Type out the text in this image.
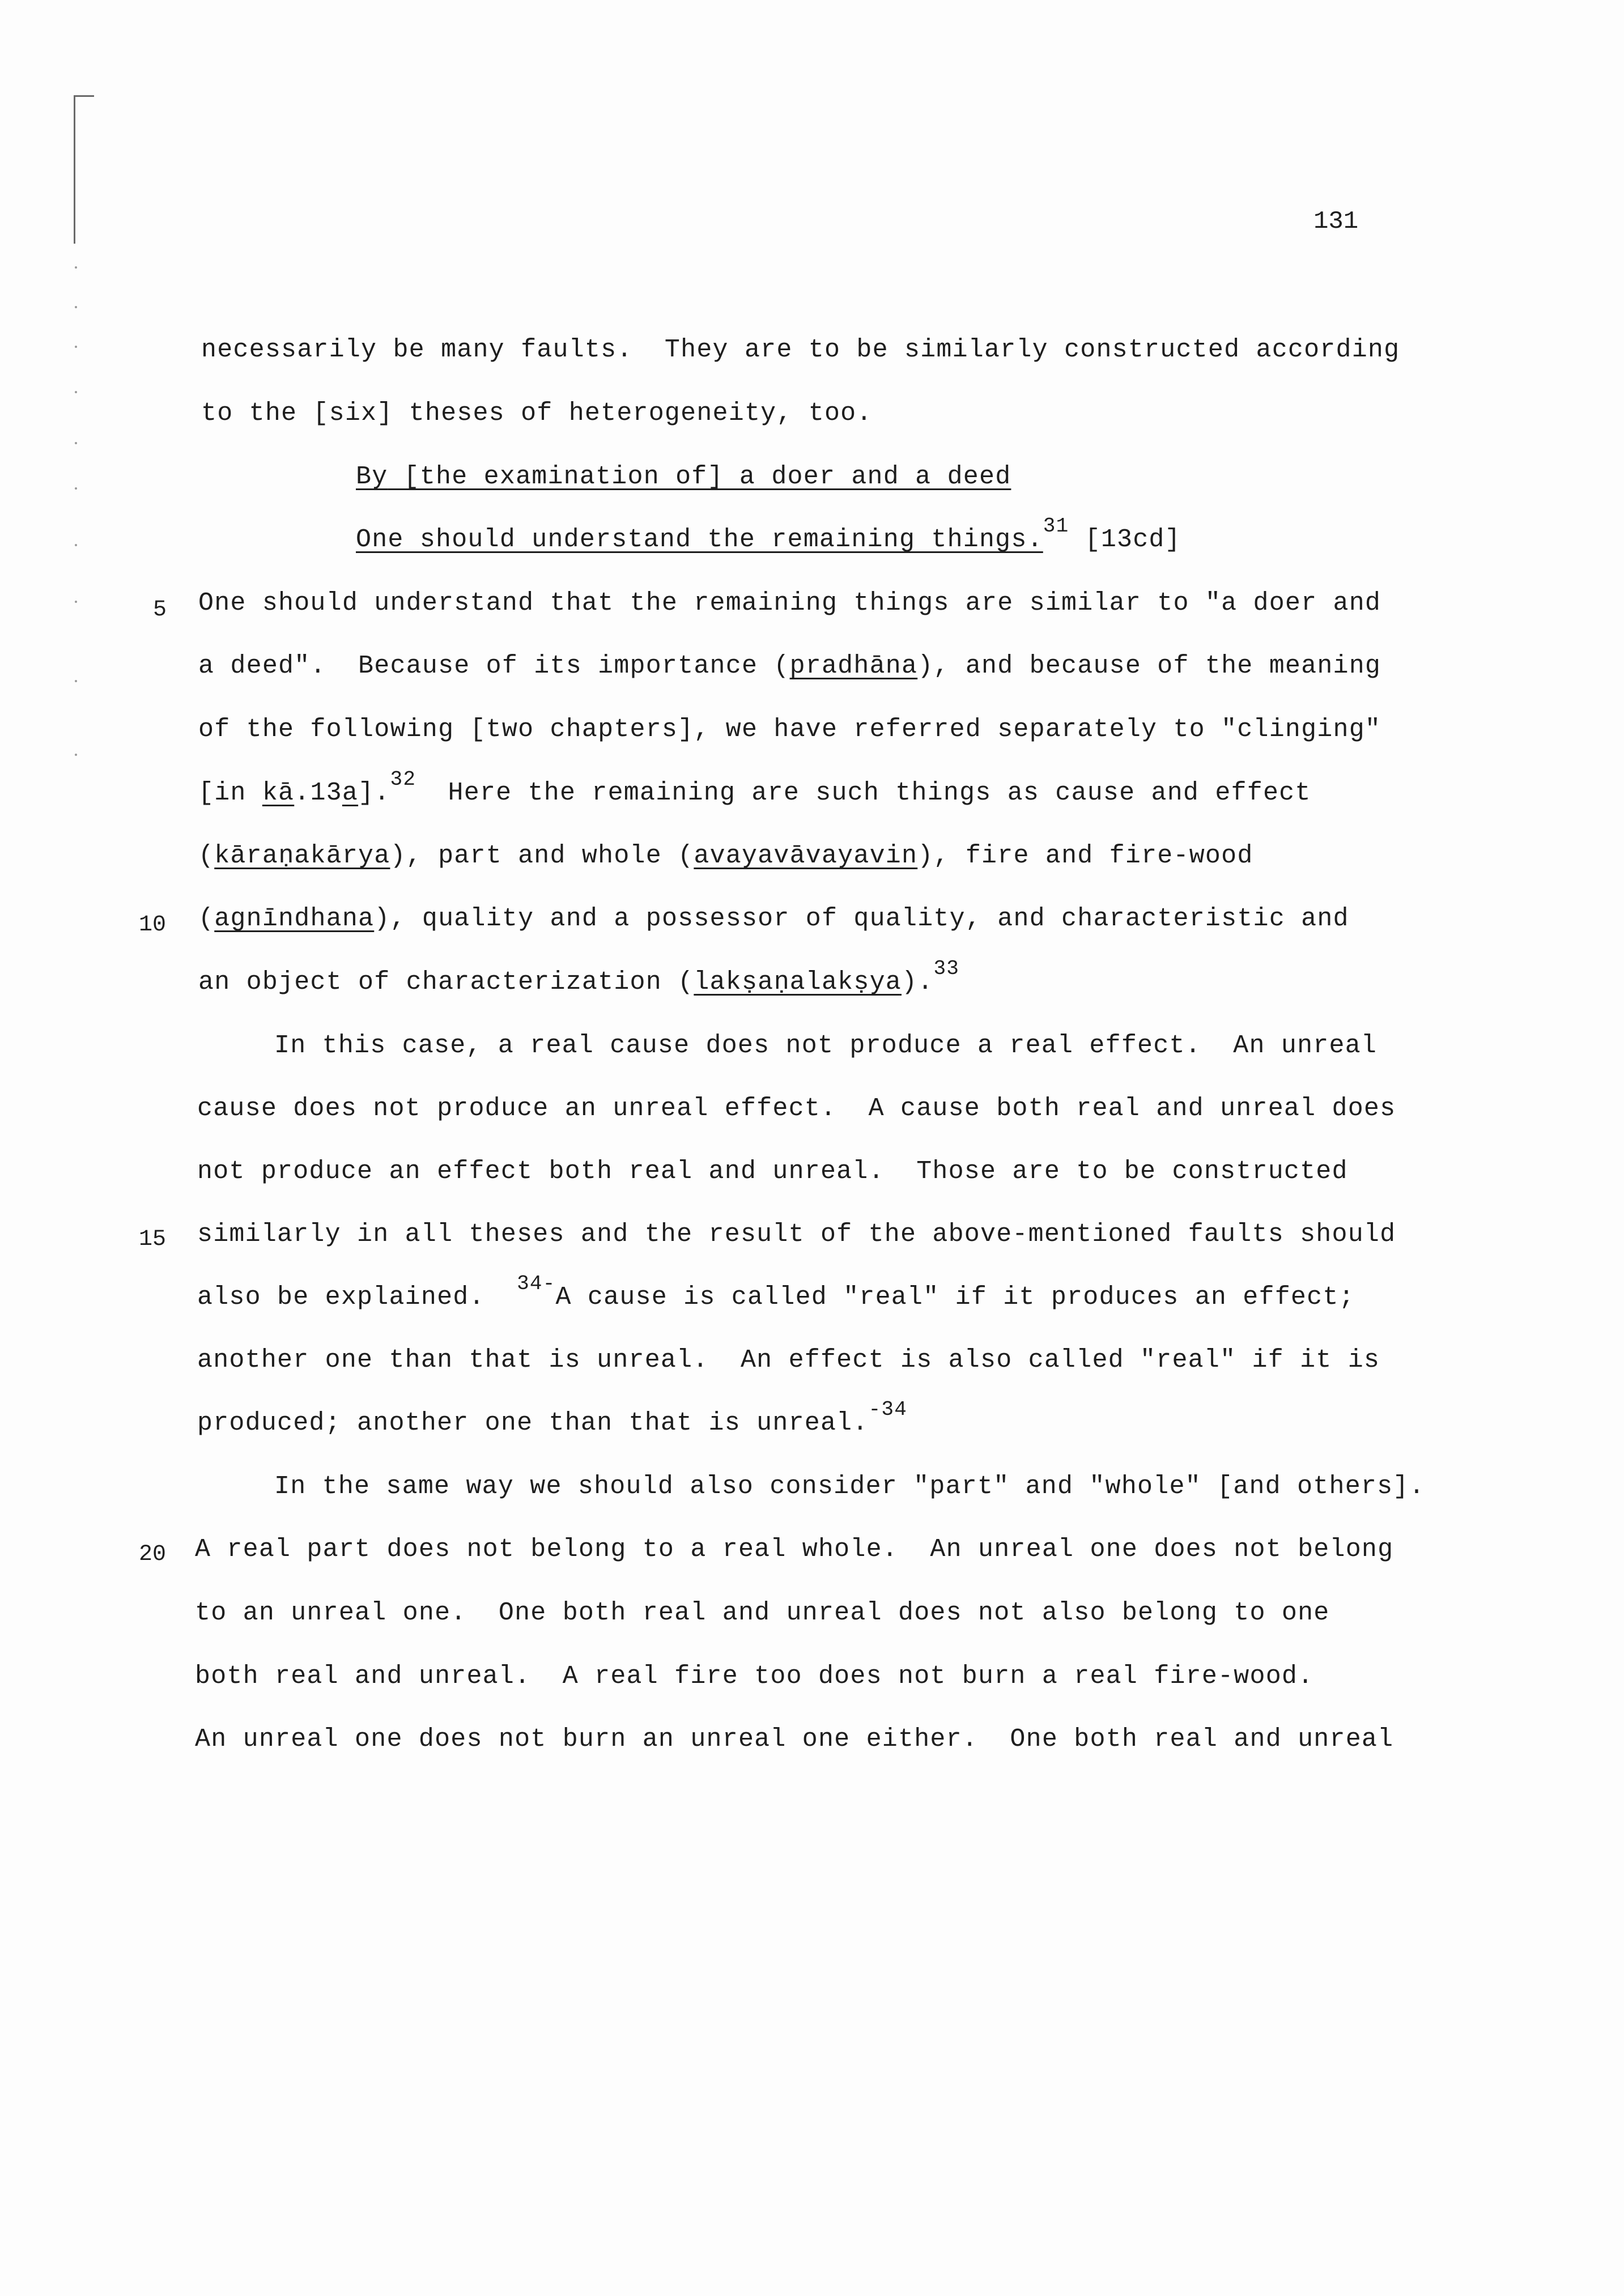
131
5
10
15
20
necessarily be many faults.  They are to be similarly constructed according
to the [six] theses of heterogeneity, too.
By [the examination of] a doer and a deed
One should understand the remaining things.$^{31}$ [13cd]
One should understand that the remaining things are similar to "a doer and
a deed".  Because of its importance (pradhāna), and because of the meaning
of the following [two chapters], we have referred separately to "clinging"
[in kā.13a].$^{32}$  Here the remaining are such things as cause and effect
(kāraṇakārya), part and whole (avayavāvayavin), fire and fire-wood
(agnīndhana), quality and a possessor of quality, and characteristic and
an object of characterization (lakṣaṇalakṣya).$^{33}$
In this case, a real cause does not produce a real effect.  An unreal
cause does not produce an unreal effect.  A cause both real and unreal does
not produce an effect both real and unreal.  Those are to be constructed
similarly in all theses and the result of the above-mentioned faults should
also be explained.  $^{34-}$A cause is called "real" if it produces an effect;
another one than that is unreal.  An effect is also called "real" if it is
produced; another one than that is unreal.$^{-34}$
In the same way we should also consider "part" and "whole" [and others].
A real part does not belong to a real whole.  An unreal one does not belong
to an unreal one.  One both real and unreal does not also belong to one
both real and unreal.  A real fire too does not burn a real fire-wood.
An unreal one does not burn an unreal one either.  One both real and unreal
